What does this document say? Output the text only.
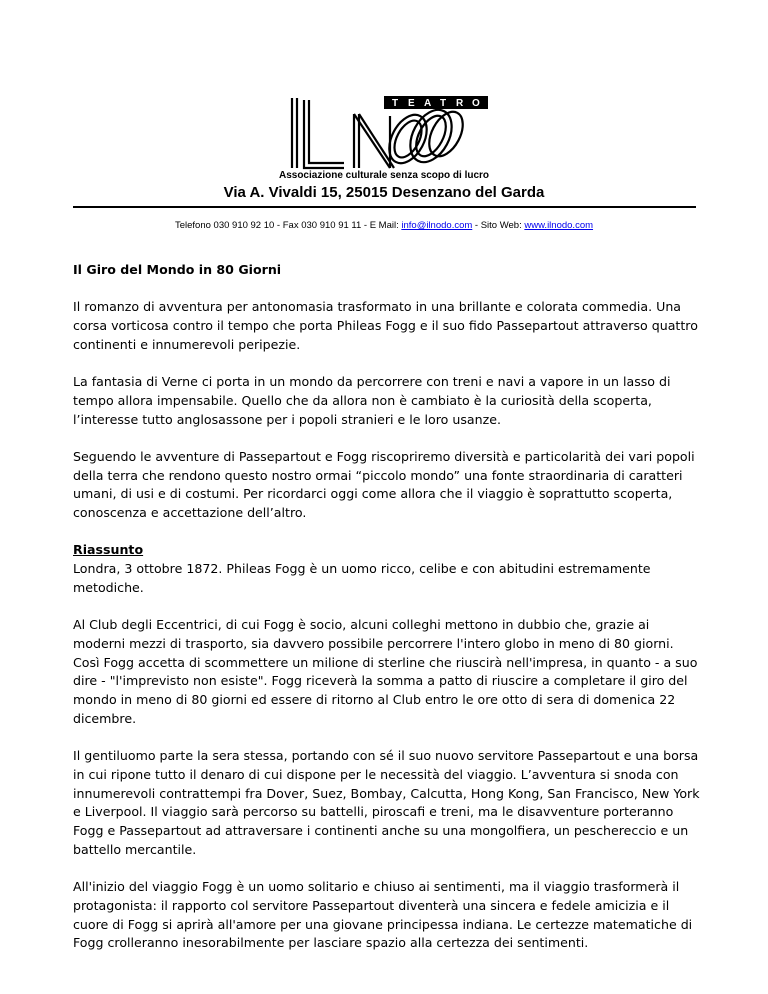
T E A T R O
Associazione culturale senza scopo di lucro
Via A. Vivaldi 15, 25015 Desenzano del Garda
Telefono 030 910 92 10 - Fax 030 910 91 11 - E Mail: info@ilnodo.com - Sito Web: www.ilnodo.com

Il Giro del Mondo in 80 Giorni

Il romanzo di avventura per antonomasia trasformato in una brillante e colorata commedia. Una corsa vorticosa contro il tempo che porta Phileas Fogg e il suo fido Passepartout attraverso quattro continenti e innumerevoli peripezie.

La fantasia di Verne ci porta in un mondo da percorrere con treni e navi a vapore in un lasso di tempo allora impensabile. Quello che da allora non è cambiato è la curiosità della scoperta, l’interesse tutto anglosassone per i popoli stranieri e le loro usanze.

Seguendo le avventure di Passepartout e Fogg riscopriremo diversità e particolarità dei vari popoli della terra che rendono questo nostro ormai “piccolo mondo” una fonte straordinaria di caratteri umani, di usi e di costumi. Per ricordarci oggi come allora che il viaggio è soprattutto scoperta, conoscenza e accettazione dell’altro.

Riassunto
Londra, 3 ottobre 1872. Phileas Fogg è un uomo ricco, celibe e con abitudini estremamente metodiche.

Al Club degli Eccentrici, di cui Fogg è socio, alcuni colleghi mettono in dubbio che, grazie ai moderni mezzi di trasporto, sia davvero possibile percorrere l'intero globo in meno di 80 giorni. Così Fogg accetta di scommettere un milione di sterline che riuscirà nell'impresa, in quanto - a suo dire - "l'imprevisto non esiste". Fogg riceverà la somma a patto di riuscire a completare il giro del mondo in meno di 80 giorni ed essere di ritorno al Club entro le ore otto di sera di domenica 22 dicembre.

Il gentiluomo parte la sera stessa, portando con sé il suo nuovo servitore Passepartout e una borsa in cui ripone tutto il denaro di cui dispone per le necessità del viaggio. L’avventura si snoda con innumerevoli contrattempi fra Dover, Suez, Bombay, Calcutta, Hong Kong, San Francisco, New York e Liverpool. Il viaggio sarà percorso su battelli, piroscafi e treni, ma le disavventure porteranno Fogg e Passepartout ad attraversare i continenti anche su una mongolfiera, un peschereccio e un battello mercantile.

All'inizio del viaggio Fogg è un uomo solitario e chiuso ai sentimenti, ma il viaggio trasformerà il protagonista: il rapporto col servitore Passepartout diventerà una sincera e fedele amicizia e il cuore di Fogg si aprirà all'amore per una giovane principessa indiana. Le certezze matematiche di Fogg crolleranno inesorabilmente per lasciare spazio alla certezza dei sentimenti.
